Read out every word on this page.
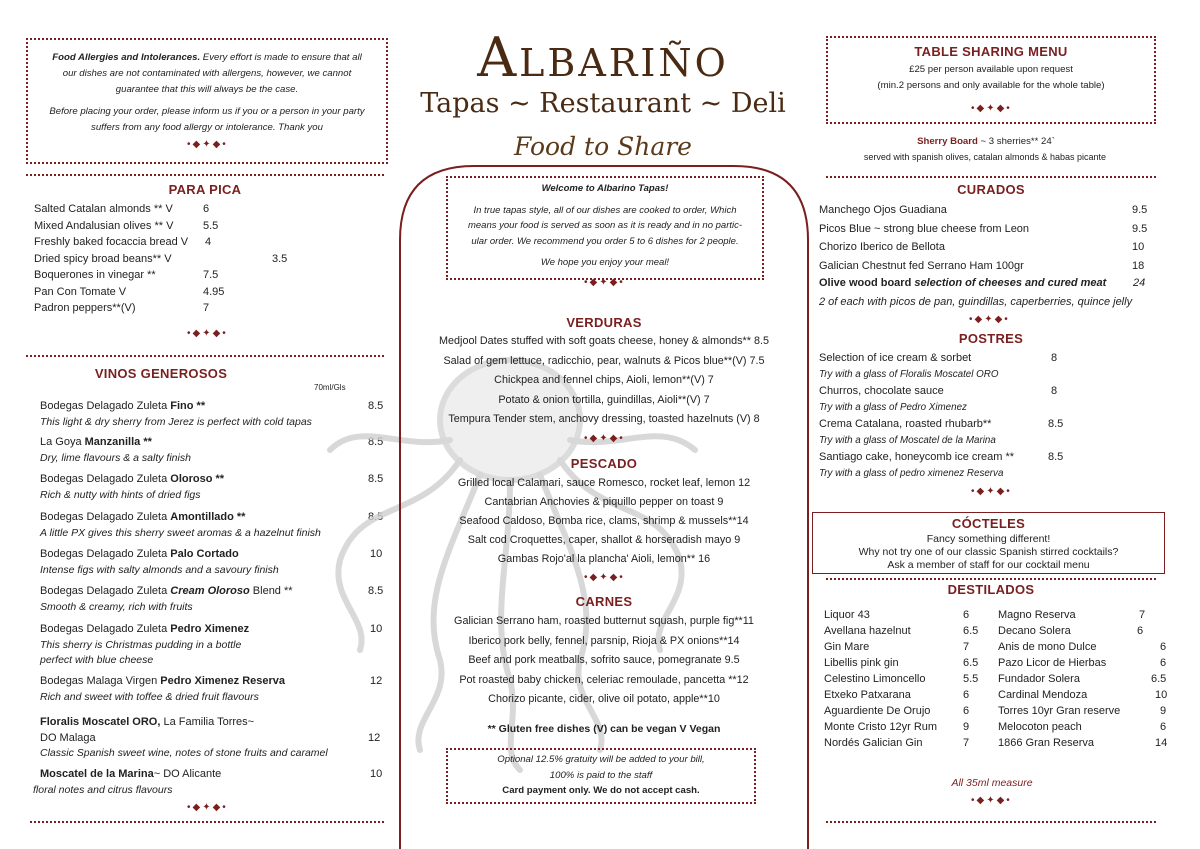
Food Allergies and Intolerances. Every effort is made to ensure that all
our dishes are not contaminated with allergens, however, we cannot
guarantee that this will always be the case.
Before placing your order, please inform us if you or a person in your party
suffers from any food allergy or intolerance. Thank you
•◆✦◆•
PARA PICA
Salted Catalan almonds ** V	6
Mixed Andalusian olives ** V	5.5
Freshly baked focaccia bread V 4
Dried spicy broad beans** V	3.5
Boquerones in vinegar **	7.5
Pan Con Tomate V	4.95
Padron peppers**(V)	7
•◆✦◆•
VINOS GENEROSOS
70ml/Gls
Bodegas Delagado Zuleta Fino **	8.5
This light & dry sherry from Jerez is perfect with cold tapas
La Goya Manzanilla **	8.5
Dry, lime flavours & a salty finish
Bodegas Delagado Zuleta Oloroso **	8.5
Rich & nutty with hints of dried figs
Bodegas Delagado Zuleta Amontillado **	8.5
A little PX gives this sherry sweet aromas & a hazelnut finish
Bodegas Delagado Zuleta Palo Cortado	10
Intense figs with salty almonds and a savoury finish
Bodegas Delagado Zuleta Cream Oloroso Blend **	8.5
Smooth & creamy, rich with fruits
Bodegas Delagado Zuleta Pedro Ximenez	10
This sherry is Christmas pudding in a bottle
perfect with blue cheese
Bodegas Malaga Virgen Pedro Ximenez Reserva	12
Rich and sweet with toffee & dried fruit flavours
Floralis Moscatel ORO, La Familia Torres~
DO Malaga	12
Classic Spanish sweet wine, notes of stone fruits and caramel
Moscatel de la Marina~ DO Alicante	10
floral notes and citrus flavours
•◆✦◆•
Albariño
Tapas ~ Restaurant ~ Deli
Food to Share
Welcome to Albarino Tapas!
In true tapas style, all of our dishes are cooked to order, Which
means your food is served as soon as it is ready and in no partic-
ular order. We recommend you order 5 to 6 dishes for 2 people.
We hope you enjoy your meal!
•◆✦◆•
VERDURAS
Medjool Dates stuffed with soft goats cheese, honey & almonds** 8.5
Salad of gem lettuce, radicchio, pear, walnuts & Picos blue**(V) 7.5
Chickpea and fennel chips, Aioli, lemon**(V) 7
Potato & onion tortilla, guindillas, Aioli**(V) 7
Tempura Tender stem, anchovy dressing, toasted hazelnuts (V) 8
•◆✦◆•
PESCADO
Grilled local Calamari, sauce Romesco, rocket leaf, lemon 12
Cantabrian Anchovies & piquillo pepper on toast 9
Seafood Caldoso, Bomba rice, clams, shrimp & mussels**14
Salt cod Croquettes, caper, shallot & horseradish mayo 9
Gambas Rojo'al la plancha' Aioli, lemon** 16
•◆✦◆•
CARNES
Galician Serrano ham, roasted butternut squash, purple fig**11
Iberico pork belly, fennel, parsnip, Rioja & PX onions**14
Beef and pork meatballs, sofrito sauce, pomegranate 9.5
Pot roasted baby chicken, celeriac remoulade, pancetta **12
Chorizo picante, cider, olive oil potato, apple**10
** Gluten free dishes (V) can be vegan V Vegan
Optional 12.5% gratuity will be added to your bill,
100% is paid to the staff
Card payment only. We do not accept cash.
TABLE SHARING MENU
£25 per person available upon request
(min.2 persons and only available for the whole table)
•◆✦◆•
Sherry Board ~ 3 sherries** 24`
served with spanish olives, catalan almonds & habas picante
CURADOS
Manchego Ojos Guadiana	9.5
Picos Blue ~ strong blue cheese from Leon	9.5
Chorizo Iberico de Bellota	10
Galician Chestnut fed Serrano Ham 100gr	18
Olive wood board selection of cheeses and cured meat 24
2 of each with picos de pan, guindillas, caperberries, quince jelly
•◆✦◆•
POSTRES
Selection of ice cream & sorbet	8
Try with a glass of Floralis Moscatel ORO
Churros, chocolate sauce	8
Try with a glass of Pedro Ximenez
Crema Catalana, roasted rhubarb**	8.5
Try with a glass of Moscatel de la Marina
Santiago cake, honeycomb ice cream **	8.5
Try with a glass of pedro ximenez Reserva
•◆✦◆•
CÓCTELES
Fancy something different!
Why not try one of our classic Spanish stirred cocktails?
Ask a member of staff for our cocktail menu
DESTILADOS
Liquor 43	6
Avellana hazelnut	6.5
Gin Mare	7
Libellis pink gin	6.5
Celestino Limoncello	5.5
Etxeko Patxarana	6
Aguardiente De Orujo	6
Monte Cristo 12yr Rum 9
Nordés Galician Gin	7
Magno Reserva	7
Decano Solera	6
Anis de mono Dulce	6
Pazo Licor de Hierbas	6
Fundador Solera	6.5
Cardinal Mendoza	10
Torres 10yr Gran reserve	9
Melocoton peach	6
1866 Gran Reserva	14
All 35ml measure
•◆✦◆•
